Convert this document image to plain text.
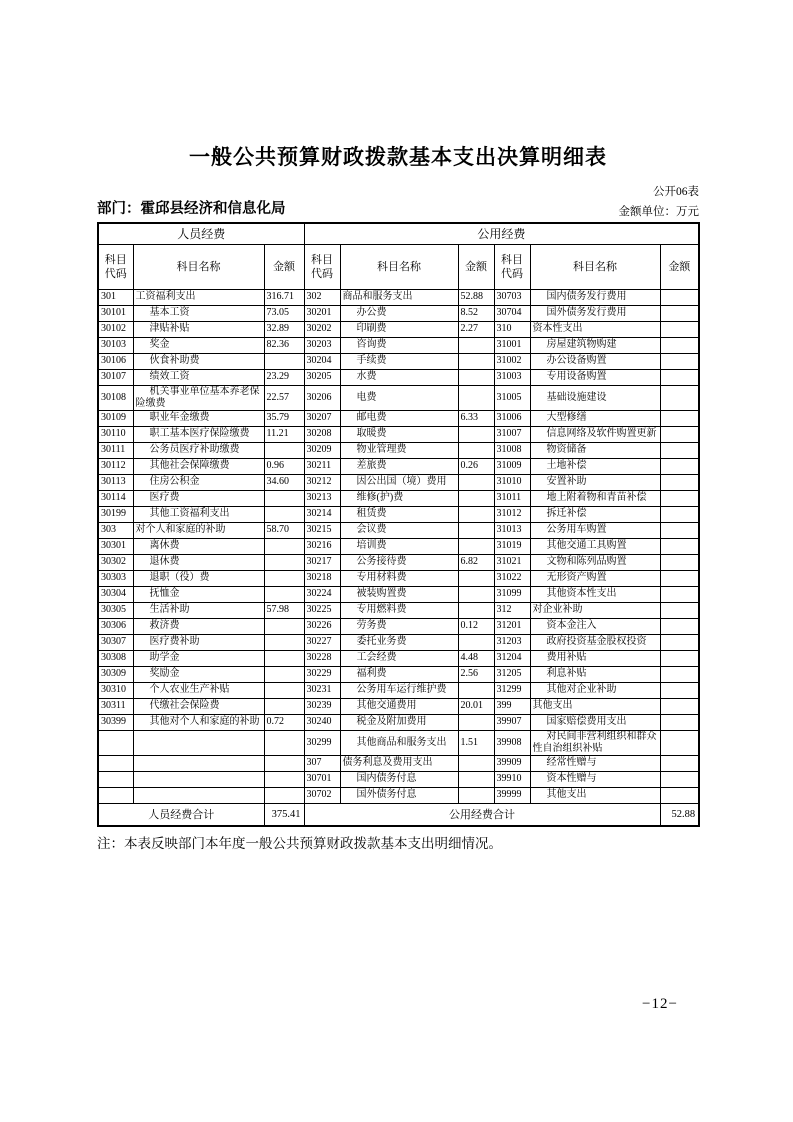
一般公共预算财政拨款基本支出决算明细表
公开06表
部门：霍邱县经济和信息化局	金额单位：万元
人员经费			公用经费					
科目代码	科目名称	金额	科目代码	科目名称	金额	科目代码	科目名称	金额
301	工资福利支出	316.71	302	商品和服务支出	52.88	30703	国内债务发行费用	
30101	基本工资	73.05	30201	办公费	8.52	30704	国外债务发行费用	
30102	津贴补贴	32.89	30202	印刷费	2.27	310	资本性支出	
30103	奖金	82.36	30203	咨询费		31001	房屋建筑物购建	
30106	伙食补助费		30204	手续费		31002	办公设备购置	
30107	绩效工资	23.29	30205	水费		31003	专用设备购置	
30108	机关事业单位基本养老保险缴费	22.57	30206	电费		31005	基础设施建设	
30109	职业年金缴费	35.79	30207	邮电费	6.33	31006	大型修缮	
30110	职工基本医疗保险缴费	11.21	30208	取暖费		31007	信息网络及软件购置更新	
30111	公务员医疗补助缴费		30209	物业管理费		31008	物资储备	
30112	其他社会保障缴费	0.96	30211	差旅费	0.26	31009	土地补偿	
30113	住房公积金	34.60	30212	因公出国（境）费用		31010	安置补助	
30114	医疗费		30213	维修(护)费		31011	地上附着物和青苗补偿	
30199	其他工资福利支出		30214	租赁费		31012	拆迁补偿	
303	对个人和家庭的补助	58.70	30215	会议费		31013	公务用车购置	
30301	离休费		30216	培训费		31019	其他交通工具购置	
30302	退休费		30217	公务接待费	6.82	31021	文物和陈列品购置	
30303	退职（役）费		30218	专用材料费		31022	无形资产购置	
30304	抚恤金		30224	被装购置费		31099	其他资本性支出	
30305	生活补助	57.98	30225	专用燃料费		312	对企业补助	
30306	救济费		30226	劳务费	0.12	31201	资本金注入	
30307	医疗费补助		30227	委托业务费		31203	政府投资基金股权投资	
30308	助学金		30228	工会经费	4.48	31204	费用补贴	
30309	奖励金		30229	福利费	2.56	31205	利息补贴	
30310	个人农业生产补贴		30231	公务用车运行维护费		31299	其他对企业补助	
30311	代缴社会保险费		30239	其他交通费用	20.01	399	其他支出	
30399	其他对个人和家庭的补助	0.72	30240	税金及附加费用		39907	国家赔偿费用支出	
			30299	其他商品和服务支出	1.51	39908	对民间非营利组织和群众性自治组织补贴	
			307	债务利息及费用支出		39909	经常性赠与	
			30701	国内债务付息		39910	资本性赠与	
			30702	国外债务付息		39999	其他支出	
人员经费合计		375.41	公用经费合计					52.88
注：本表反映部门本年度一般公共预算财政拨款基本支出明细情况。
−12−
